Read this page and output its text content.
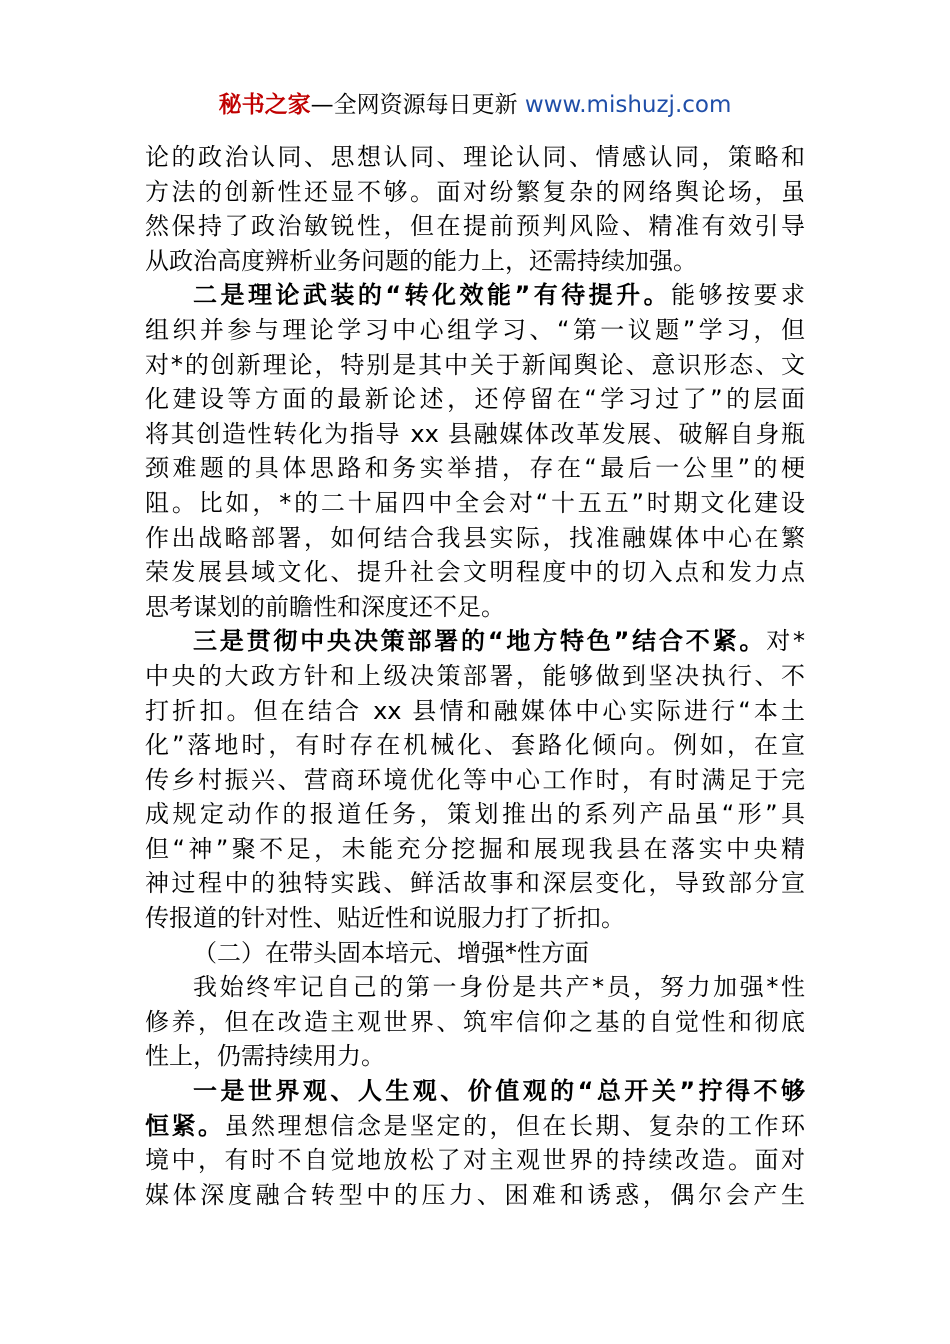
秘书之家—全网资源每日更新 www.mishuzj.com
论的政治认同、思想认同、理论认同、情感认同，策略和
方法的创新性还显不够。面对纷繁复杂的网络舆论场，虽
然保持了政治敏锐性，但在提前预判风险、精准有效引导
从政治高度辨析业务问题的能力上，还需持续加强。
二是理论武装的“转化效能”有待提升。能够按要求
组织并参与理论学习中心组学习、“第一议题”学习，但
对*的创新理论，特别是其中关于新闻舆论、意识形态、文
化建设等方面的最新论述，还停留在“学习过了”的层面
将其创造性转化为指导 xx 县融媒体改革发展、破解自身瓶
颈难题的具体思路和务实举措，存在“最后一公里”的梗
阻。比如，*的二十届四中全会对“十五五”时期文化建设
作出战略部署，如何结合我县实际，找准融媒体中心在繁
荣发展县域文化、提升社会文明程度中的切入点和发力点
思考谋划的前瞻性和深度还不足。
三是贯彻中央决策部署的“地方特色”结合不紧。对*
中央的大政方针和上级决策部署，能够做到坚决执行、不
打折扣。但在结合 xx 县情和融媒体中心实际进行“本土
化”落地时，有时存在机械化、套路化倾向。例如，在宣
传乡村振兴、营商环境优化等中心工作时，有时满足于完
成规定动作的报道任务，策划推出的系列产品虽“形”具
但“神”聚不足，未能充分挖掘和展现我县在落实中央精
神过程中的独特实践、鲜活故事和深层变化，导致部分宣
传报道的针对性、贴近性和说服力打了折扣。
（二）在带头固本培元、增强*性方面
我始终牢记自己的第一身份是共产*员，努力加强*性
修养，但在改造主观世界、筑牢信仰之基的自觉性和彻底
性上，仍需持续用力。
一是世界观、人生观、价值观的“总开关”拧得不够
恒紧。虽然理想信念是坚定的，但在长期、复杂的工作环
境中，有时不自觉地放松了对主观世界的持续改造。面对
媒体深度融合转型中的压力、困难和诱惑，偶尔会产生
